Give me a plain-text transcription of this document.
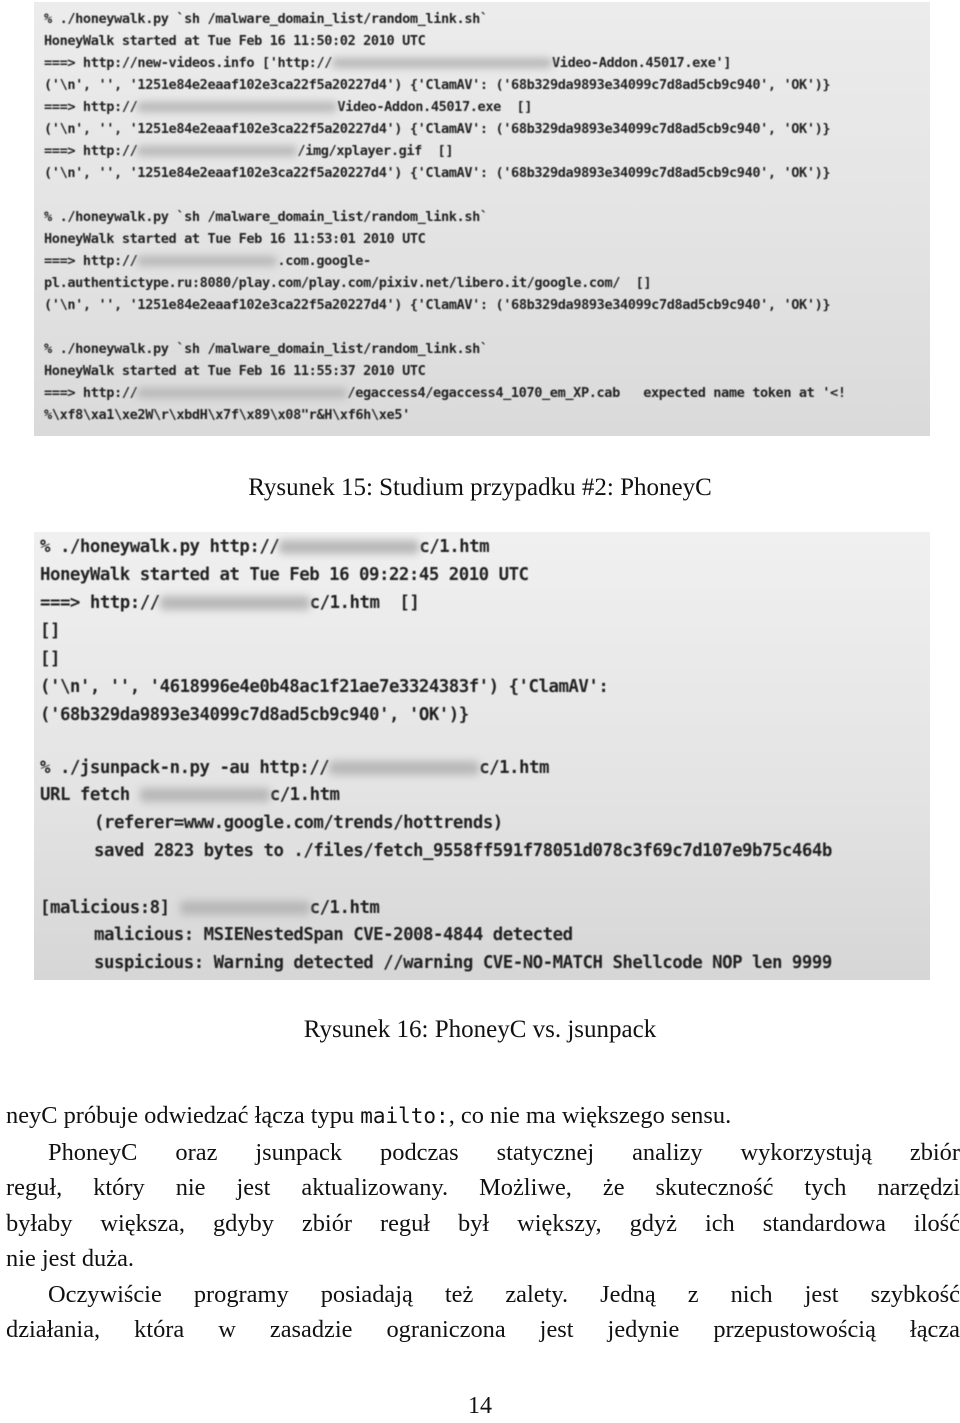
% ./honeywalk.py `sh /malware_domain_list/random_link.sh`

HoneyWalk started at Tue Feb 16 11:50:02 2010 UTC

===> http://new-videos.info ['http://	Video-Addon.45017.exe']

('\n', '', '1251e84e2eaaf102e3ca22f5a20227d4') {'ClamAV': ('68b329da9893e34099c7d8ad5cb9c940', 'OK')}

===> http://	Video-Addon.45017.exe  []

('\n', '', '1251e84e2eaaf102e3ca22f5a20227d4') {'ClamAV': ('68b329da9893e34099c7d8ad5cb9c940', 'OK')}

===> http://	/img/xplayer.gif  []

('\n', '', '1251e84e2eaaf102e3ca22f5a20227d4') {'ClamAV': ('68b329da9893e34099c7d8ad5cb9c940', 'OK')}

% ./honeywalk.py `sh /malware_domain_list/random_link.sh`

HoneyWalk started at Tue Feb 16 11:53:01 2010 UTC

===> http://	.com.google-

pl.authentictype.ru:8080/play.com/play.com/pixiv.net/libero.it/google.com/  []

('\n', '', '1251e84e2eaaf102e3ca22f5a20227d4') {'ClamAV': ('68b329da9893e34099c7d8ad5cb9c940', 'OK')}

% ./honeywalk.py `sh /malware_domain_list/random_link.sh`

HoneyWalk started at Tue Feb 16 11:55:37 2010 UTC

===> http://	/egaccess4/egaccess4_1070_em_XP.cab   expected name token at '<!

%\xf8\xa1\xe2W\r\xbdH\x7f\x89\x08"r&H\xf6h\xe5'

Rysunek 15: Studium przypadku #2: PhoneyC

% ./honeywalk.py http://	c/1.htm

HoneyWalk started at Tue Feb 16 09:22:45 2010 UTC

===> http://	c/1.htm  []

[]

[]

('\n', '', '4618996e4e0b48ac1f21ae7e3324383f') {'ClamAV':

('68b329da9893e34099c7d8ad5cb9c940', 'OK')}

% ./jsunpack-n.py -au http://	c/1.htm

URL fetch	c/1.htm

(referer=www.google.com/trends/hottrends)

saved 2823 bytes to ./files/fetch_9558ff591f78051d078c3f69c7d107e9b75c464b

[malicious:8]	c/1.htm

malicious: MSIENestedSpan CVE-2008-4844 detected

suspicious: Warning detected //warning CVE-NO-MATCH Shellcode NOP len 9999

Rysunek 16: PhoneyC vs. jsunpack

neyC próbuje odwiedzać łącza typu mailto:, co nie ma większego sensu.

PhoneyC oraz jsunpack podczas statycznej analizy wykorzystują zbiór
reguł, który nie jest aktualizowany. Możliwe, że skuteczność tych narzędzi
byłaby większa, gdyby zbiór reguł był większy, gdyż ich standardowa ilość
nie jest duża.

Oczywiście programy posiadają też zalety. Jedną z nich jest szybkość
działania, która w zasadzie ograniczona jest jedynie przepustowością łącza

14
